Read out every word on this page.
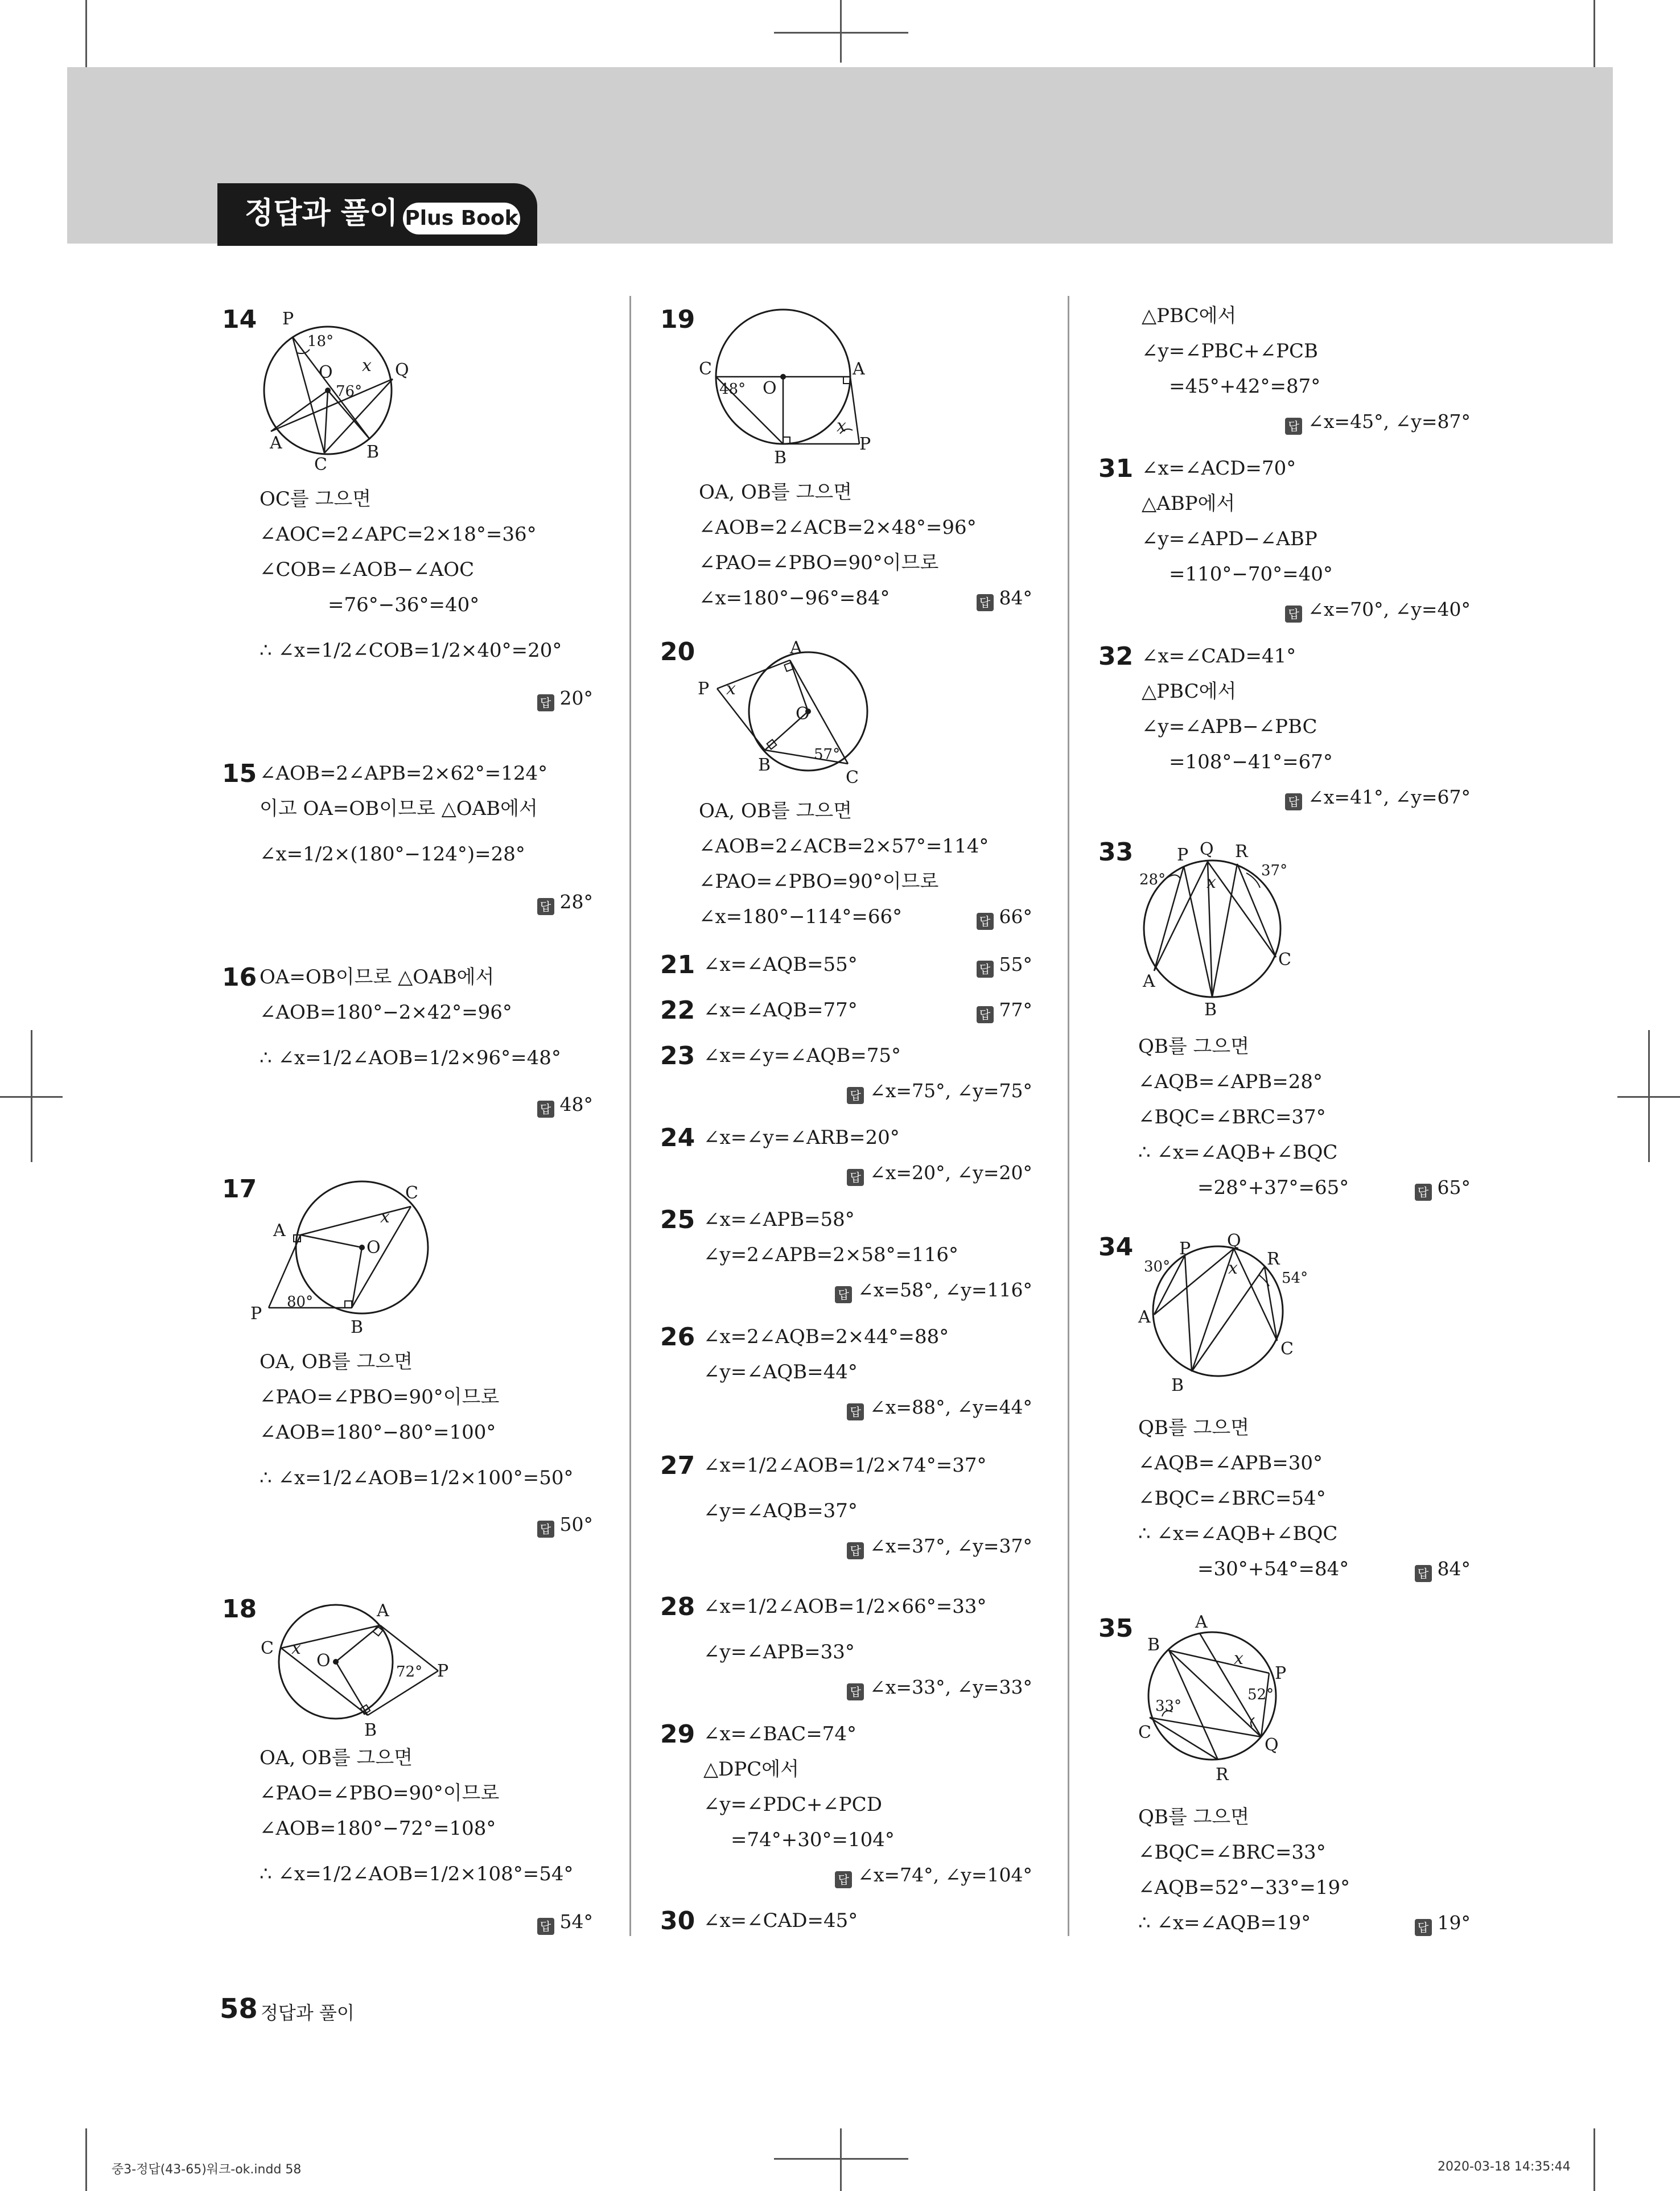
정답과 풀이 Plus Book
14 P
18°
O x Q
76°
A	B
C
OC를 그으면
∠AOC=2∠APC=2×18°=36°
∠COB=∠AOB−∠AOC
=76°−36°=40°
∴ ∠x=1/2∠COB=1/2×40°=20°
답 20°
15 ∠AOB=2∠APB=2×62°=124°
이고 OA=OB이므로 △OAB에서
∠x=1/2×(180°−124°)=28°
답 28°
16 OA=OB이므로 △OAB에서
∠AOB=180°−2×42°=96°
∴ ∠x=1/2∠AOB=1/2×96°=48°
답 48°
17	C
x
A
O
80°
P
B
OA, OB를 그으면
∠PAO=∠PBO=90°이므로
∠AOB=180°−80°=100°
∴ ∠x=1/2∠AOB=1/2×100°=50°
답 50°
18	A
C x
O
72° P
B
OA, OB를 그으면
∠PAO=∠PBO=90°이므로
∠AOB=180°−72°=108°
∴ ∠x=1/2∠AOB=1/2×108°=54°
답 54°
19
C
48° O
A
x
P
B
OA, OB를 그으면
∠AOB=2∠ACB=2×48°=96°
∠PAO=∠PBO=90°이므로
∠x=180°−96°=84°	답 84°
20	A
P x
O
57°
B
C
OA, OB를 그으면
∠AOB=2∠ACB=2×57°=114°
∠PAO=∠PBO=90°이므로
∠x=180°−114°=66°	답 66°
21 ∠x=∠AQB=55°	답 55°
22 ∠x=∠AQB=77°	답 77°
23 ∠x=∠y=∠AQB=75°
답 ∠x=75°, ∠y=75°
24 ∠x=∠y=∠ARB=20°
답 ∠x=20°, ∠y=20°
25 ∠x=∠APB=58°
∠y=2∠APB=2×58°=116°
답 ∠x=58°, ∠y=116°
26 ∠x=2∠AQB=2×44°=88°
∠y=∠AQB=44°
답 ∠x=88°, ∠y=44°
27 ∠x=1/2∠AOB=1/2×74°=37°
∠y=∠AQB=37°
답 ∠x=37°, ∠y=37°
28 ∠x=1/2∠AOB=1/2×66°=33°
∠y=∠APB=33°
답 ∠x=33°, ∠y=33°
29 ∠x=∠BAC=74°
△DPC에서
∠y=∠PDC+∠PCD
=74°+30°=104°
답 ∠x=74°, ∠y=104°
30 ∠x=∠CAD=45°
△PBC에서
∠y=∠PBC+∠PCB
=45°+42°=87°
답 ∠x=45°, ∠y=87°
31 ∠x=∠ACD=70°
△ABP에서
∠y=∠APD−∠ABP
=110°−70°=40°
답 ∠x=70°, ∠y=40°
32 ∠x=∠CAD=41°
△PBC에서
∠y=∠APB−∠PBC
=108°−41°=67°
답 ∠x=41°, ∠y=67°
33	P Q R
28° x
37°
A
C
B
QB를 그으면
∠AQB=∠APB=28°
∠BQC=∠BRC=37°
∴ ∠x=∠AQB+∠BQC
=28°+37°=65°	답 65°
34	Q
P
R
30°	x	54°
A
C
B
QB를 그으면
∠AQB=∠APB=30°
∠BQC=∠BRC=54°
∴ ∠x=∠AQB+∠BQC
=30°+54°=84°	답 84°
35	A
B
x
P
52°
33°
C
Q
R
QB를 그으면
∠BQC=∠BRC=33°
∠AQB=52°−33°=19°
∴ ∠x=∠AQB=19°	답 19°
58 정답과 풀이
중3-정답(43-65)워크-ok.indd 58	2020-03-18 14:35:44
